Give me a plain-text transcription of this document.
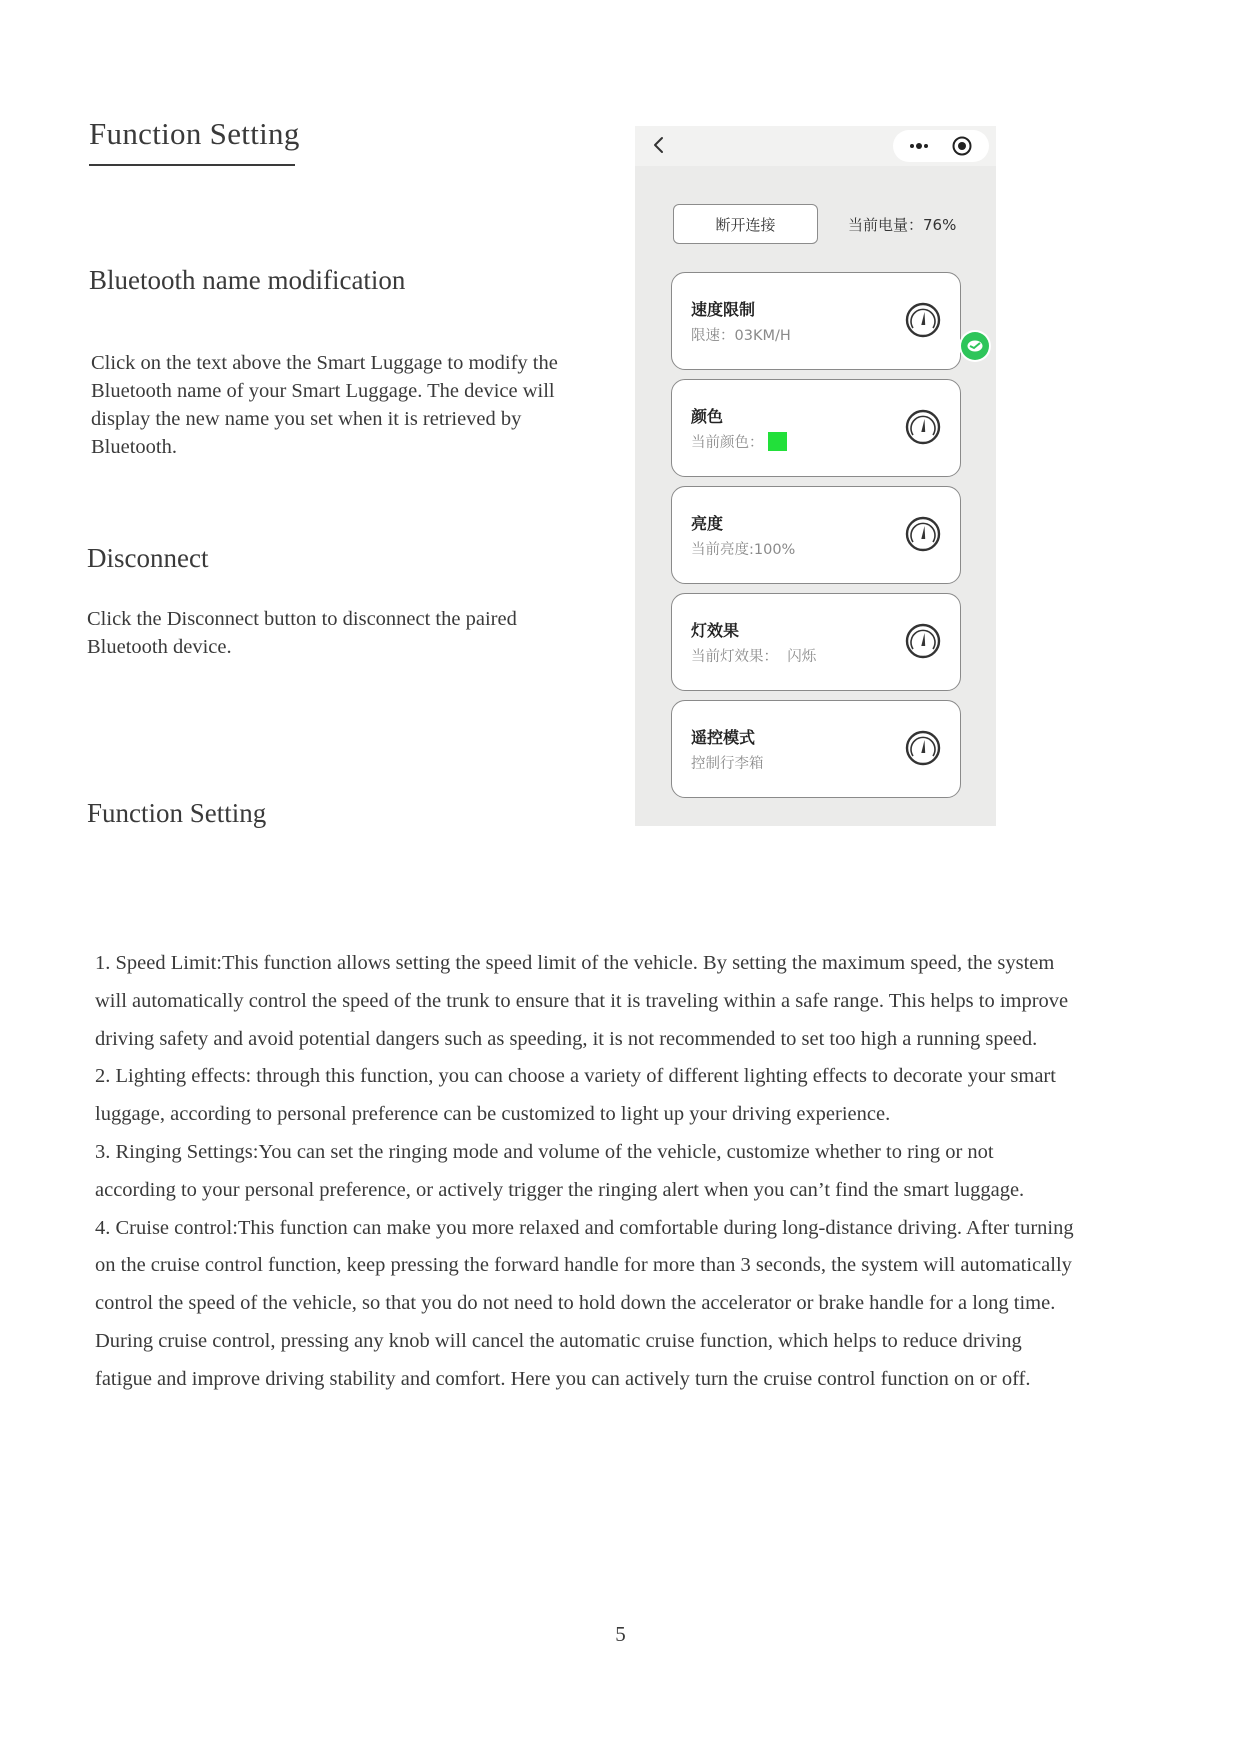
Function Setting
Bluetooth name modification
Click on the text above the Smart Luggage to modify the
Bluetooth name of your Smart Luggage. The device will
display the new name you set when it is retrieved by
Bluetooth.
Disconnect
Click the Disconnect button to disconnect the paired
Bluetooth device.
Function Setting
断开连接	当前电量：76%
速度限制
限速：03KM/H
颜色
当前颜色：
亮度
当前亮度:100%
灯效果
当前灯效果：  闪烁
遥控模式
控制行李箱

1. Speed Limit:This function allows setting the speed limit of the vehicle. By setting the maximum speed, the system

will automatically control the speed of the trunk to ensure that it is traveling within a safe range. This helps to improve

driving safety and avoid potential dangers such as speeding, it is not recommended to set too high a running speed.

2. Lighting effects: through this function, you can choose a variety of different lighting effects to decorate your smart

luggage, according to personal preference can be customized to light up your driving experience.

3. Ringing Settings:You can set the ringing mode and volume of the vehicle, customize whether to ring or not

according to your personal preference, or actively trigger the ringing alert when you can’t find the smart luggage.

4. Cruise control:This function can make you more relaxed and comfortable during long-distance driving. After turning

on the cruise control function, keep pressing the forward handle for more than 3 seconds, the system will automatically

control the speed of the vehicle, so that you do not need to hold down the accelerator or brake handle for a long time.

During cruise control, pressing any knob will cancel the automatic cruise function, which helps to reduce driving

fatigue and improve driving stability and comfort. Here you can actively turn the cruise control function on or off.

5
